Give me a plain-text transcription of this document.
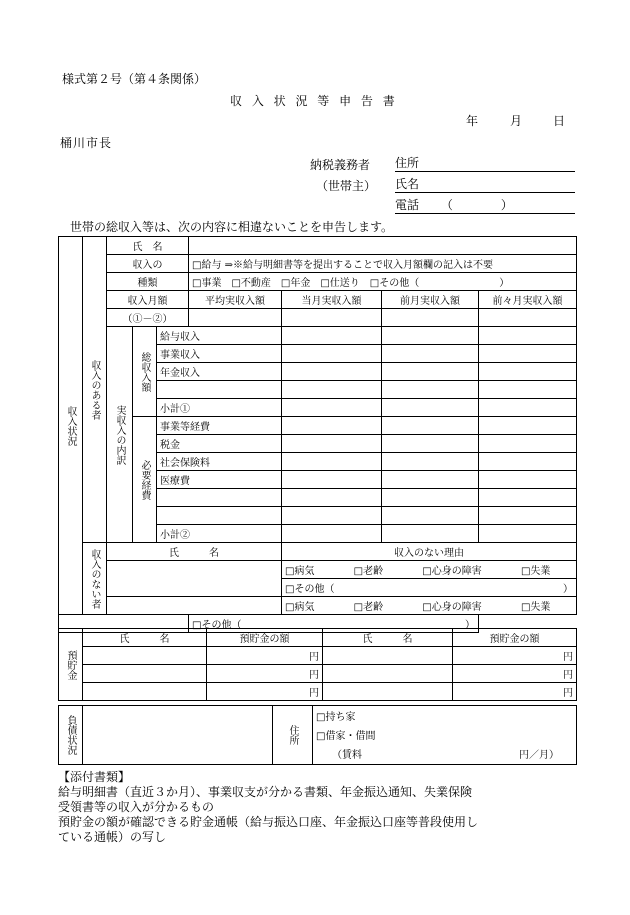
様式第２号（第４条関係）
収 入 状 況 等 申 告 書
年	月	日
桶川市長
納税義務者 住所
（世帯主） 氏名
電話 （　　　　）
世帯の総収入等は、次の内容に相違ないことを申告します。
収入状況	収入のある者	氏　名						
		収入の			□給与 ⇒※給与明細書等を提出することで収入月額欄の記入は不要			
		種類			□事業　□不動産　□年金　□仕送り　□その他（　　　　　　　　）			
		収入月額			平均実収入額	当月実収入額	前月実収入額	前々月実収入額
		（①－②）						

		実収入の内訳	総収入額	給与収入				
				事業収入				
				年金収入				

				小計①				

			必要経費	事業等経費				
				税金				
				社会保険料				
				医療費				

				小計②				

	収入のない者	氏　　　名				収入のない理由		
						□病気 □老齢 □心身の障害 □失業		
						□その他（ ）		

						□病気 □老齢 □心身の障害 □失業		
					□その他（ ）			
預貯金	氏　　　名	預貯金の額	氏　　　名	預貯金の額
		円		円
		円		円
		円		円
負債状況		住所

□持ち家
□借家・借間
（賃料	円／月）
【添付書類】
給与明細書（直近３か月）、事業収支が分かる書類、年金振込通知、失業保険
受領書等の収入が分かるもの
預貯金の額が確認できる貯金通帳（給与振込口座、年金振込口座等普段使用し
ている通帳）の写し
